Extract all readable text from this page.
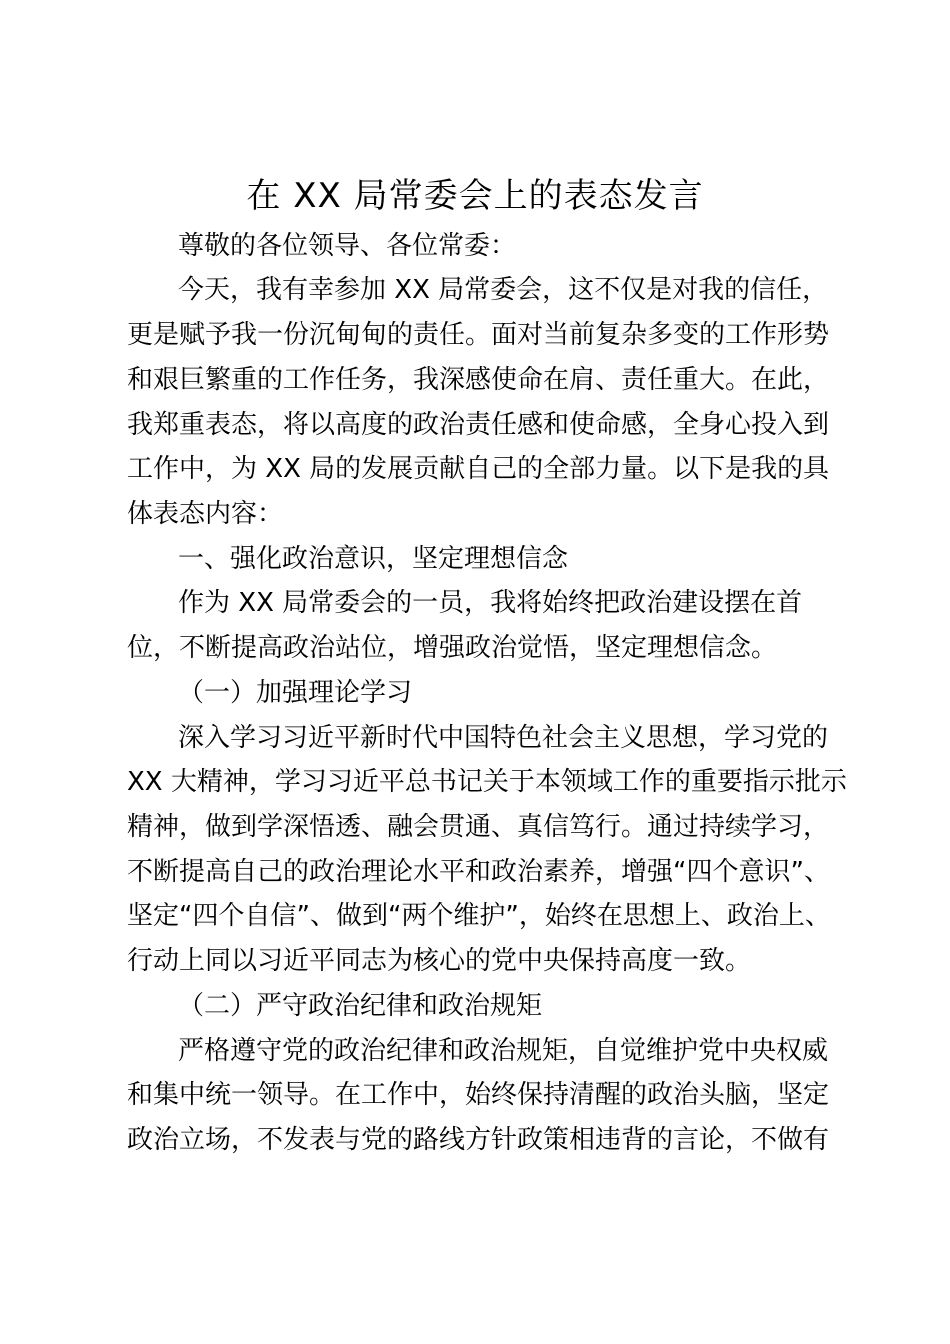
在 XX 局常委会上的表态发言

尊敬的各位领导、各位常委：

今天，我有幸参加 XX 局常委会，这不仅是对我的信任，

更是赋予我一份沉甸甸的责任。面对当前复杂多变的工作形势

和艰巨繁重的工作任务，我深感使命在肩、责任重大。在此，

我郑重表态，将以高度的政治责任感和使命感，全身心投入到

工作中，为 XX 局的发展贡献自己的全部力量。以下是我的具

体表态内容：

一、强化政治意识，坚定理想信念

作为 XX 局常委会的一员，我将始终把政治建设摆在首

位，不断提高政治站位，增强政治觉悟，坚定理想信念。

（一）加强理论学习

深入学习习近平新时代中国特色社会主义思想，学习党的

XX 大精神，学习习近平总书记关于本领域工作的重要指示批示

精神，做到学深悟透、融会贯通、真信笃行。通过持续学习，

不断提高自己的政治理论水平和政治素养，增强“四个意识”、

坚定“四个自信”、做到“两个维护”，始终在思想上、政治上、

行动上同以习近平同志为核心的党中央保持高度一致。

（二）严守政治纪律和政治规矩

严格遵守党的政治纪律和政治规矩，自觉维护党中央权威

和集中统一领导。在工作中，始终保持清醒的政治头脑，坚定

政治立场，不发表与党的路线方针政策相违背的言论，不做有
